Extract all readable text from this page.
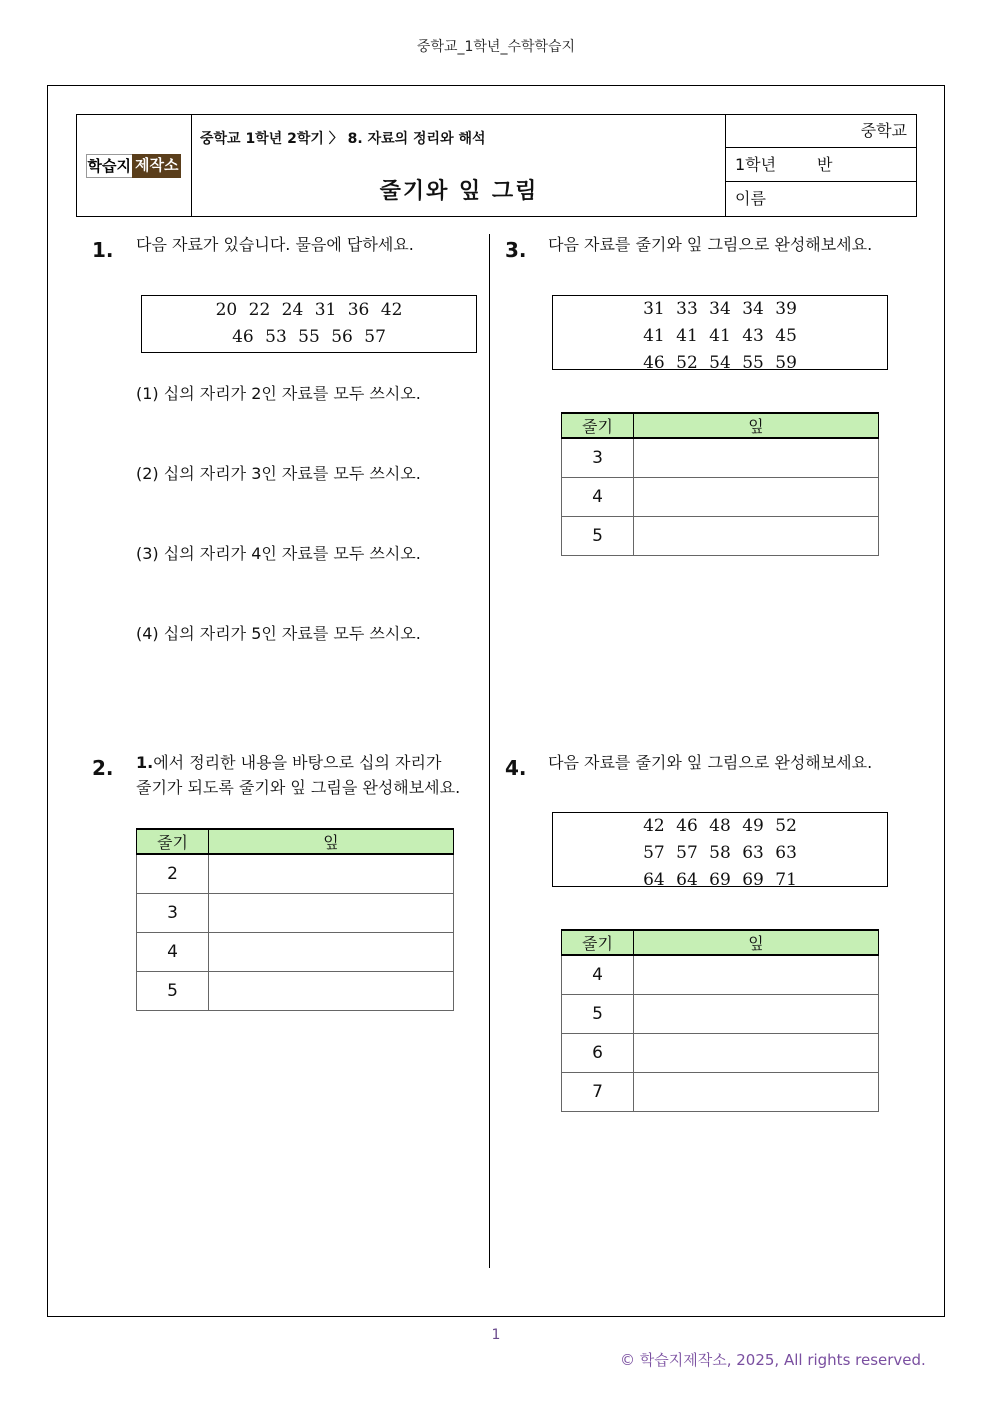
중학교_1학년_수학학습지
학습지 제작소
중학교 1학년 2학기 〉 8. 자료의 정리와 해석
줄기와 잎 그림
중학교
1학년	반
이름
1. 다음 자료가 있습니다. 물음에 답하세요.
20 22 24 31 36 42
46 53 55 56 57
(1) 십의 자리가 2인 자료를 모두 쓰시오.
(2) 십의 자리가 3인 자료를 모두 쓰시오.
(3) 십의 자리가 4인 자료를 모두 쓰시오.
(4) 십의 자리가 5인 자료를 모두 쓰시오.
2. 1.에서 정리한 내용을 바탕으로 십의 자리가
줄기가 되도록 줄기와 잎 그림을 완성해보세요.
줄기	잎
2	
3	
4	
5	
3. 다음 자료를 줄기와 잎 그림으로 완성해보세요.
31 33 34 34 39
41 41 41 43 45
46 52 54 55 59
줄기	잎
3	
4	
5	
4. 다음 자료를 줄기와 잎 그림으로 완성해보세요.
42 46 48 49 52
57 57 58 63 63
64 64 69 69 71
줄기	잎
4	
5	
6	
7	
1
© 학습지제작소, 2025, All rights reserved.
